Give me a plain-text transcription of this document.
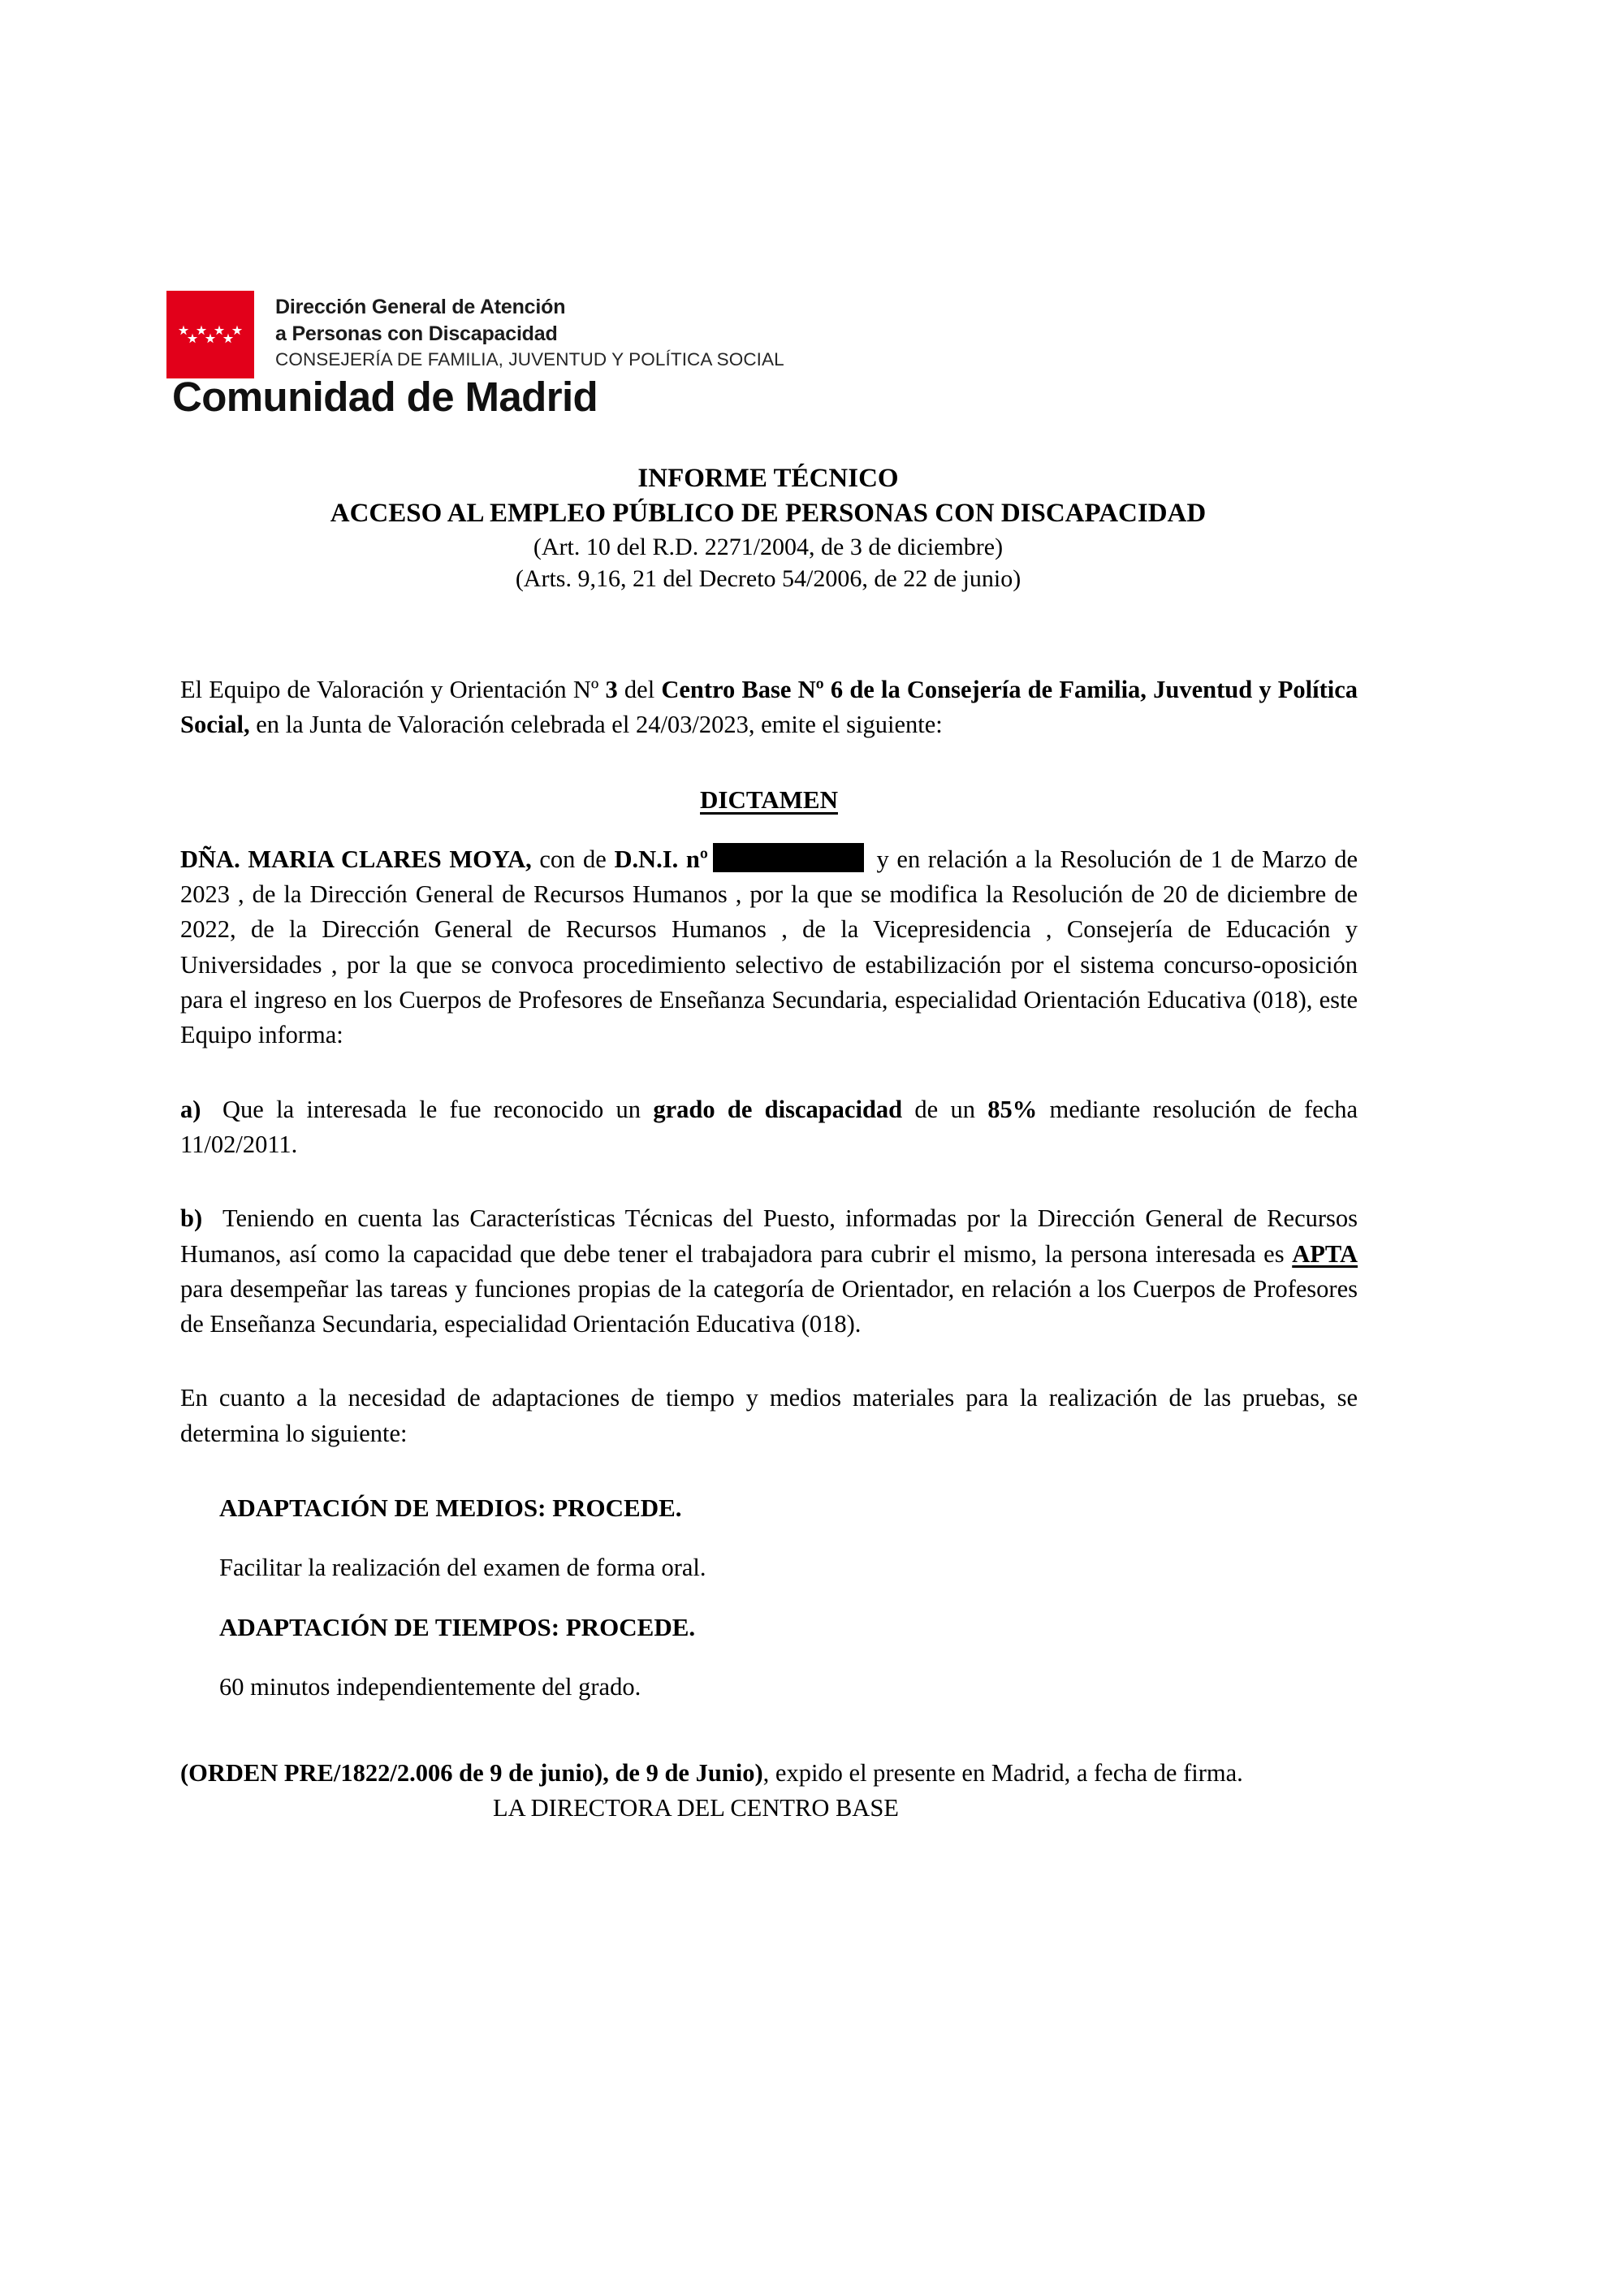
Dirección General de Atención
a Personas con Discapacidad
CONSEJERÍA DE FAMILIA, JUVENTUD Y POLÍTICA SOCIAL
Comunidad de Madrid
INFORME TÉCNICO
ACCESO AL EMPLEO PÚBLICO DE PERSONAS CON DISCAPACIDAD
(Art. 10 del R.D. 2271/2004, de 3 de diciembre)
(Arts. 9,16, 21 del Decreto 54/2006, de 22 de junio)

El Equipo de Valoración y Orientación Nº 3 del Centro Base Nº 6 de la Consejería de Familia, Juventud y Política Social, en la Junta de Valoración celebrada el 24/03/2023, emite el siguiente:

DICTAMEN

DÑA. MARIA CLARES MOYA, con de D.N.I. nº	y en relación a la Resolución de 1 de Marzo de 2023 , de la Dirección General de Recursos Humanos , por la que se modifica la Resolución de 20 de diciembre de 2022, de la Dirección General de Recursos Humanos , de la Vicepresidencia , Consejería de Educación y Universidades , por la que se convoca procedimiento selectivo de estabilización por el sistema concurso-oposición para el ingreso en los Cuerpos de Profesores de Enseñanza Secundaria, especialidad Orientación Educativa (018), este Equipo informa:

a) Que la interesada le fue reconocido un grado de discapacidad de un 85% mediante resolución de fecha 11/02/2011.

b) Teniendo en cuenta las Características Técnicas del Puesto, informadas por la Dirección General de Recursos Humanos, así como la capacidad que debe tener el trabajadora para cubrir el mismo, la persona interesada es APTA para desempeñar las tareas y funciones propias de la categoría de Orientador, en relación a los Cuerpos de Profesores de Enseñanza Secundaria, especialidad Orientación Educativa (018).

En cuanto a la necesidad de adaptaciones de tiempo y medios materiales para la realización de las pruebas, se determina lo siguiente:

ADAPTACIÓN DE MEDIOS: PROCEDE.

Facilitar la realización del examen de forma oral.

ADAPTACIÓN DE TIEMPOS: PROCEDE.

60 minutos independientemente del grado.

(ORDEN PRE/1822/2.006 de 9 de junio), de 9 de Junio), expido el presente en Madrid, a fecha de firma.

LA DIRECTORA DEL CENTRO BASE
